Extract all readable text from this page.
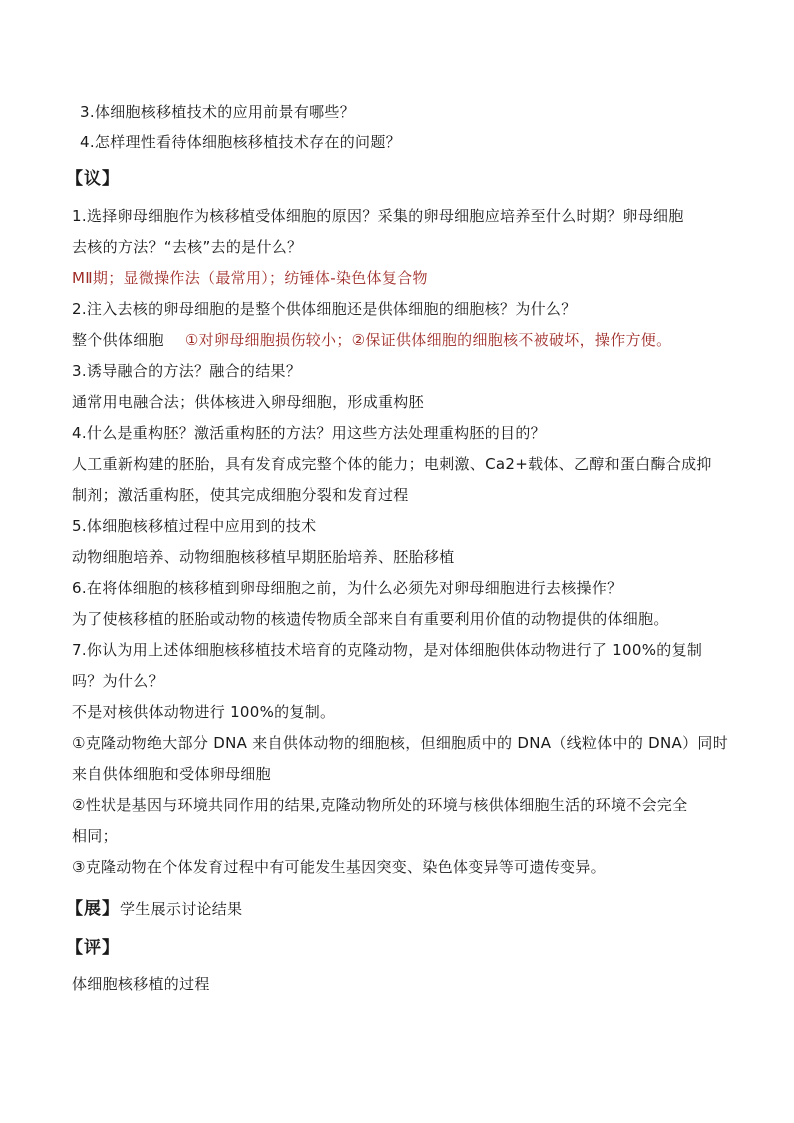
3.体细胞核移植技术的应用前景有哪些？
4.怎样理性看待体细胞核移植技术存在的问题？
【议】
1.选择卵母细胞作为核移植受体细胞的原因？采集的卵母细胞应培养至什么时期？卵母细胞
去核的方法？“去核”去的是什么？
MⅡ期；显微操作法（最常用）；纺锤体-染色体复合物
2.注入去核的卵母细胞的是整个供体细胞还是供体细胞的细胞核？为什么？
整个供体细胞 ①对卵母细胞损伤较小；②保证供体细胞的细胞核不被破坏，操作方便。
3.诱导融合的方法？融合的结果？
通常用电融合法；供体核进入卵母细胞，形成重构胚
4.什么是重构胚？激活重构胚的方法？用这些方法处理重构胚的目的？
人工重新构建的胚胎，具有发育成完整个体的能力；电刺激、Ca2+载体、乙醇和蛋白酶合成抑
制剂；激活重构胚，使其完成细胞分裂和发育过程
5.体细胞核移植过程中应用到的技术
动物细胞培养、动物细胞核移植早期胚胎培养、胚胎移植
6.在将体细胞的核移植到卵母细胞之前，为什么必须先对卵母细胞进行去核操作？
为了使核移植的胚胎或动物的核遗传物质全部来自有重要利用价值的动物提供的体细胞。
7.你认为用上述体细胞核移植技术培育的克隆动物，是对体细胞供体动物进行了 100%的复制
吗？为什么？
不是对核供体动物进行 100%的复制。
①克隆动物绝大部分 DNA 来自供体动物的细胞核，但细胞质中的 DNA（线粒体中的 DNA）同时
来自供体细胞和受体卵母细胞
②性状是基因与环境共同作用的结果,克隆动物所处的环境与核供体细胞生活的环境不会完全
相同；
③克隆动物在个体发育过程中有可能发生基因突变、染色体变异等可遗传变异。
【展】学生展示讨论结果
【评】
体细胞核移植的过程
